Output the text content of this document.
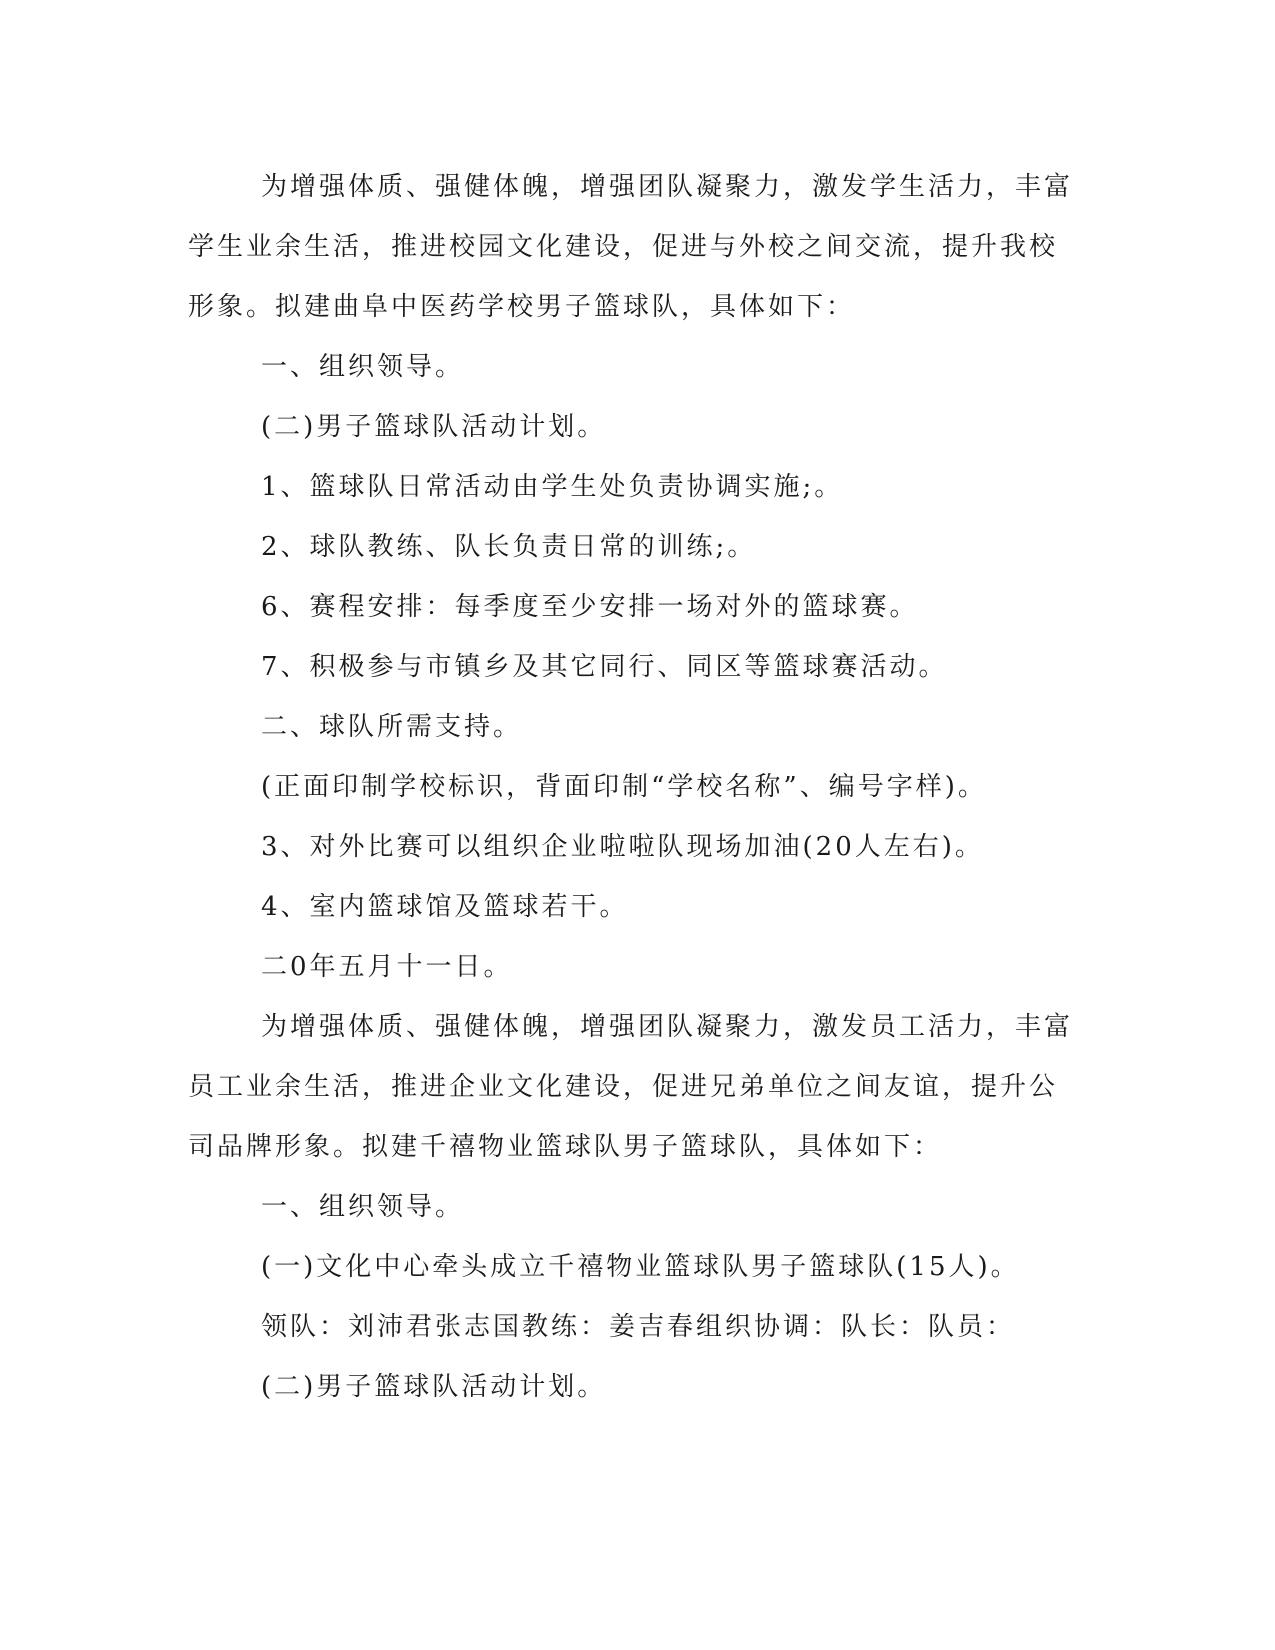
为增强体质、强健体魄，增强团队凝聚力，激发学生活力，丰富
学生业余生活，推进校园文化建设，促进与外校之间交流，提升我校
形象。拟建曲阜中医药学校男子篮球队，具体如下：

一、组织领导。

(二)男子篮球队活动计划。

1、篮球队日常活动由学生处负责协调实施;。

2、球队教练、队长负责日常的训练;。

6、赛程安排：每季度至少安排一场对外的篮球赛。

7、积极参与市镇乡及其它同行、同区等篮球赛活动。

二、球队所需支持。

(正面印制学校标识，背面印制“学校名称”、编号字样)。

3、对外比赛可以组织企业啦啦队现场加油(20人左右)。

4、室内篮球馆及篮球若干。

二0年五月十一日。

为增强体质、强健体魄，增强团队凝聚力，激发员工活力，丰富
员工业余生活，推进企业文化建设，促进兄弟单位之间友谊，提升公
司品牌形象。拟建千禧物业篮球队男子篮球队，具体如下：

一、组织领导。

(一)文化中心牵头成立千禧物业篮球队男子篮球队(15人)。

领队：刘沛君张志国教练：姜吉春组织协调：队长：队员：

(二)男子篮球队活动计划。
